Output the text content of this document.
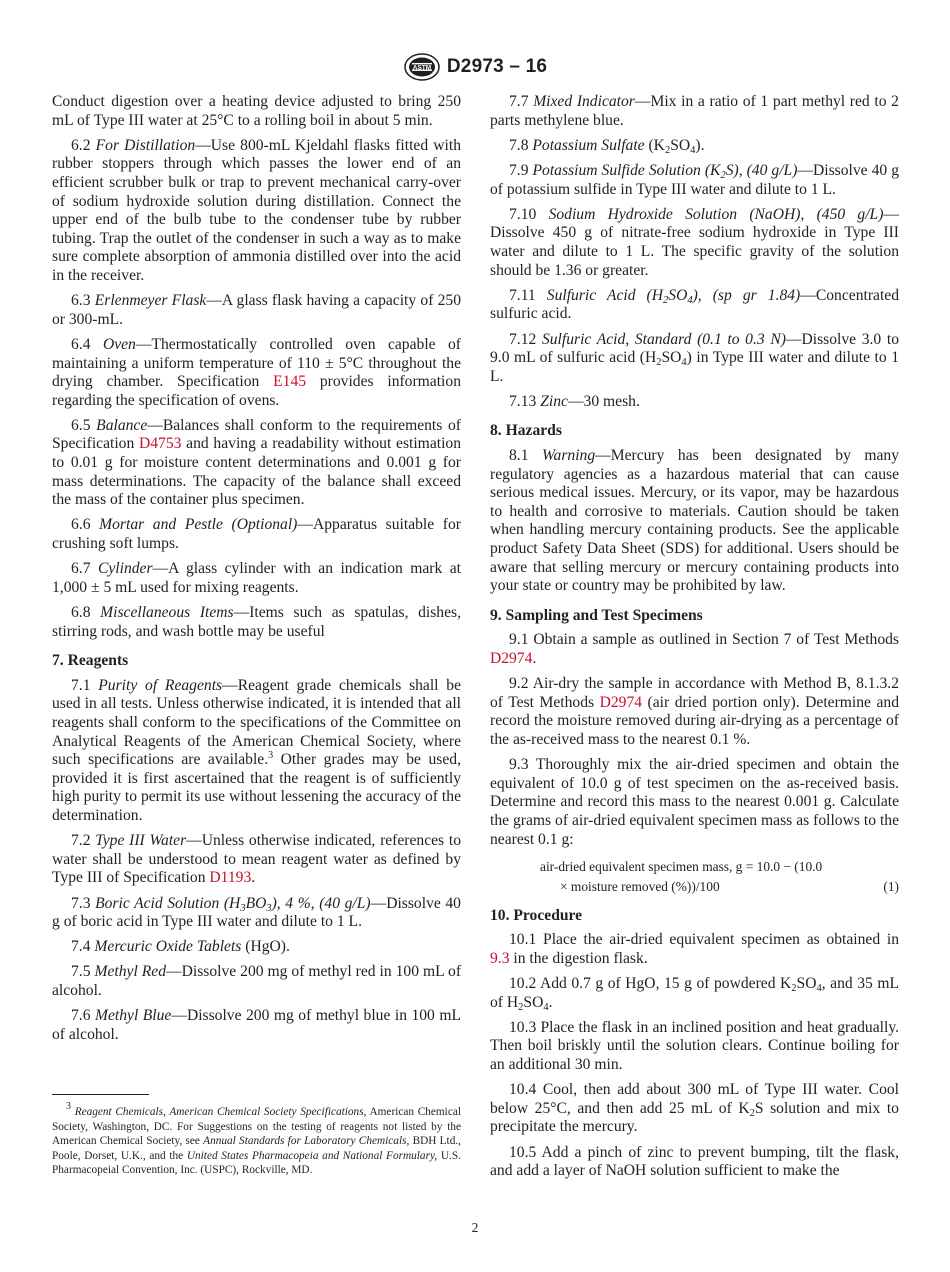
ASTM D2973 – 16

Conduct digestion over a heating device adjusted to bring 250 mL of Type III water at 25°C to a rolling boil in about 5 min.

6.2 For Distillation—Use 800-mL Kjeldahl flasks fitted with rubber stoppers through which passes the lower end of an efficient scrubber bulk or trap to prevent mechanical carry-over of sodium hydroxide solution during distillation. Connect the upper end of the bulb tube to the condenser tube by rubber tubing. Trap the outlet of the condenser in such a way as to make sure complete absorption of ammonia distilled over into the acid in the receiver.

6.3 Erlenmeyer Flask—A glass flask having a capacity of 250 or 300-mL.

6.4 Oven—Thermostatically controlled oven capable of maintaining a uniform temperature of 110 ± 5°C throughout the drying chamber. Specification E145 provides information regarding the specification of ovens.

6.5 Balance—Balances shall conform to the requirements of Specification D4753 and having a readability without estimation to 0.01 g for moisture content determinations and 0.001 g for mass determinations. The capacity of the balance shall exceed the mass of the container plus specimen.

6.6 Mortar and Pestle (Optional)—Apparatus suitable for crushing soft lumps.

6.7 Cylinder—A glass cylinder with an indication mark at 1,000 ± 5 mL used for mixing reagents.

6.8 Miscellaneous Items—Items such as spatulas, dishes, stirring rods, and wash bottle may be useful

7. Reagents

7.1 Purity of Reagents—Reagent grade chemicals shall be used in all tests. Unless otherwise indicated, it is intended that all reagents shall conform to the specifications of the Committee on Analytical Reagents of the American Chemical Society, where such specifications are available.$^3$ Other grades may be used, provided it is first ascertained that the reagent is of sufficiently high purity to permit its use without lessening the accuracy of the determination.

7.2 Type III Water—Unless otherwise indicated, references to water shall be understood to mean reagent water as defined by Type III of Specification D1193.

7.3 Boric Acid Solution $(H_3BO_3)$, 4 %, (40 g/L)—Dissolve 40 g of boric acid in Type III water and dilute to 1 L.

7.4 Mercuric Oxide Tablets (HgO).

7.5 Methyl Red—Dissolve 200 mg of methyl red in 100 mL of alcohol.

7.6 Methyl Blue—Dissolve 200 mg of methyl blue in 100 mL of alcohol.

$^3$ Reagent Chemicals, American Chemical Society Specifications, American Chemical Society, Washington, DC. For Suggestions on the testing of reagents not listed by the American Chemical Society, see Annual Standards for Laboratory Chemicals, BDH Ltd., Poole, Dorset, U.K., and the United States Pharmacopeia and National Formulary, U.S. Pharmacopeial Convention, Inc. (USPC), Rockville, MD.

7.7 Mixed Indicator—Mix in a ratio of 1 part methyl red to 2 parts methylene blue.

7.8 Potassium Sulfate $(K_2SO_4)$.

7.9 Potassium Sulfide Solution $(K_2S)$, (40 g/L)—Dissolve 40 g of potassium sulfide in Type III water and dilute to 1 L.

7.10 Sodium Hydroxide Solution (NaOH), (450 g/L)—Dissolve 450 g of nitrate-free sodium hydroxide in Type III water and dilute to 1 L. The specific gravity of the solution should be 1.36 or greater.

7.11 Sulfuric Acid $(H_2SO_4)$, (sp gr 1.84)—Concentrated sulfuric acid.

7.12 Sulfuric Acid, Standard (0.1 to 0.3 N)—Dissolve 3.0 to 9.0 mL of sulfuric acid $(H_2SO_4)$ in Type III water and dilute to 1 L.

7.13 Zinc—30 mesh.

8. Hazards

8.1 Warning—Mercury has been designated by many regulatory agencies as a hazardous material that can cause serious medical issues. Mercury, or its vapor, may be hazardous to health and corrosive to materials. Caution should be taken when handling mercury containing products. See the applicable product Safety Data Sheet (SDS) for additional. Users should be aware that selling mercury or mercury containing products into your state or country may be prohibited by law.

9. Sampling and Test Specimens

9.1 Obtain a sample as outlined in Section 7 of Test Methods D2974.

9.2 Air-dry the sample in accordance with Method B, 8.1.3.2 of Test Methods D2974 (air dried portion only). Determine and record the moisture removed during air-drying as a percentage of the as-received mass to the nearest 0.1 %.

9.3 Thoroughly mix the air-dried specimen and obtain the equivalent of 10.0 g of test specimen on the as-received basis. Determine and record this mass to the nearest 0.001 g. Calculate the grams of air-dried equivalent specimen mass as follows to the nearest 0.1 g:

air-dried equivalent specimen mass, g = 10.0 − (10.0
× moisture removed (%))/100	(1)
10. Procedure

10.1 Place the air-dried equivalent specimen as obtained in 9.3 in the digestion flask.

10.2 Add 0.7 g of HgO, 15 g of powdered $K_2SO_4$, and 35 mL of $H_2SO_4$.

10.3 Place the flask in an inclined position and heat gradually. Then boil briskly until the solution clears. Continue boiling for an additional 30 min.

10.4 Cool, then add about 300 mL of Type III water. Cool below 25°C, and then add 25 mL of $K_2S$ solution and mix to precipitate the mercury.

10.5 Add a pinch of zinc to prevent bumping, tilt the flask, and add a layer of NaOH solution sufficient to make the

2
